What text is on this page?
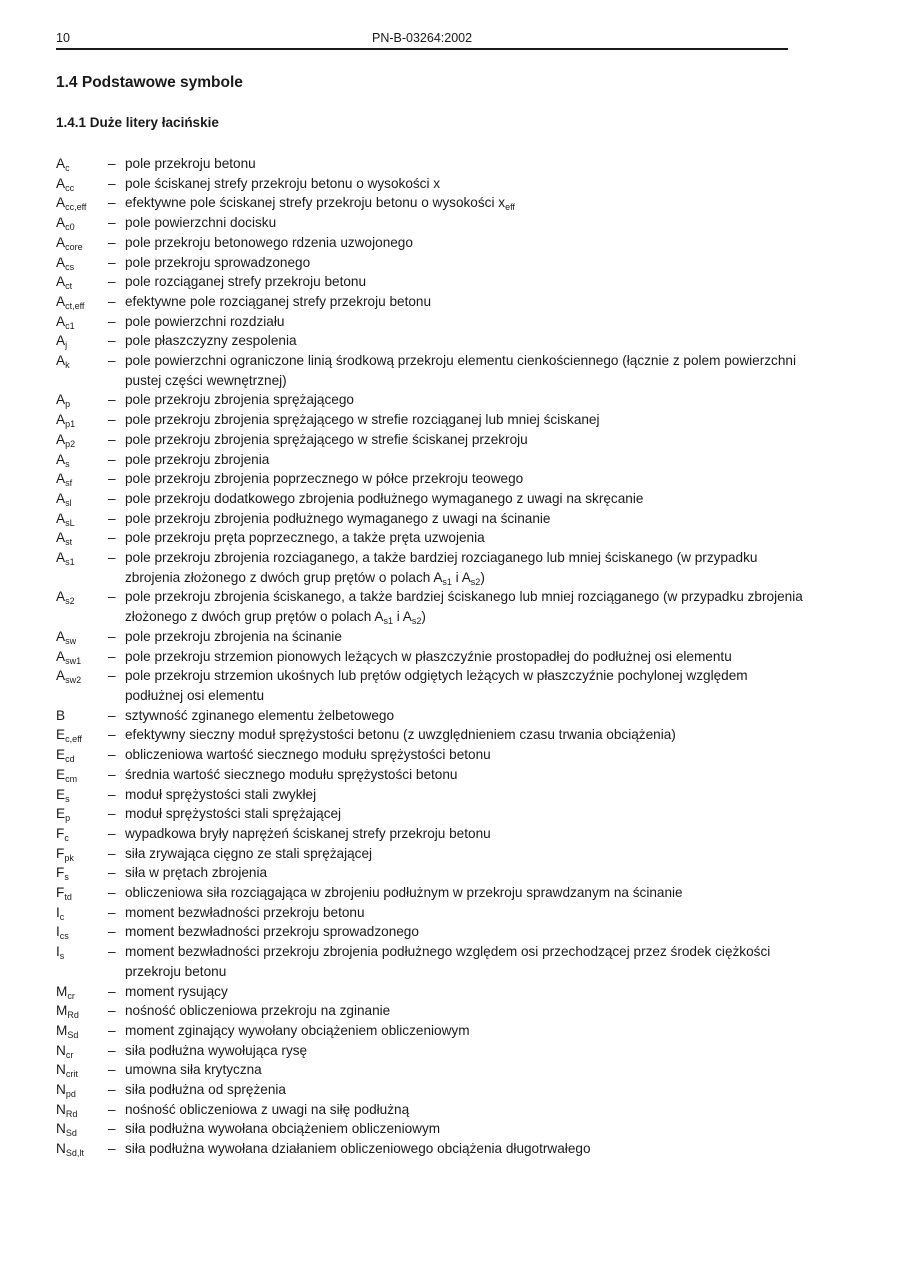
10	PN-B-03264:2002
1.4 Podstawowe symbole
1.4.1 Duże litery łacińskie
$A_c$	– pole przekroju betonu
$A_{cc}$	– pole ściskanej strefy przekroju betonu o wysokości x
$A_{cc,eff}$	– efektywne pole ściskanej strefy przekroju betonu o wysokości $x_{eff}$
$A_{c0}$	– pole powierzchni docisku
$A_{core}$	– pole przekroju betonowego rdzenia uzwojonego
$A_{cs}$	– pole przekroju sprowadzonego
$A_{ct}$	– pole rozciąganej strefy przekroju betonu
$A_{ct,eff}$	– efektywne pole rozciąganej strefy przekroju betonu
$A_{c1}$	– pole powierzchni rozdziału
$A_j$	– pole płaszczyzny zespolenia
$A_k$	– pole powierzchni ograniczone linią środkową przekroju elementu cienkościennego (łącznie z polem powierzchni pustej części wewnętrznej)
$A_p$	– pole przekroju zbrojenia sprężającego
$A_{p1}$	– pole przekroju zbrojenia sprężającego w strefie rozciąganej lub mniej ściskanej
$A_{p2}$	– pole przekroju zbrojenia sprężającego w strefie ściskanej przekroju
$A_s$	– pole przekroju zbrojenia
$A_{sf}$	– pole przekroju zbrojenia poprzecznego w półce przekroju teowego
$A_{sl}$	– pole przekroju dodatkowego zbrojenia podłużnego wymaganego z uwagi na skręcanie
$A_{sL}$	– pole przekroju zbrojenia podłużnego wymaganego z uwagi na ścinanie
$A_{st}$	– pole przekroju pręta poprzecznego, a także pręta uzwojenia
$A_{s1}$	– pole przekroju zbrojenia rozciaganego, a także bardziej rozciaganego lub mniej ściskanego (w przypadku zbrojenia złożonego z dwóch grup prętów o polach $A_{s1}$ i $A_{s2}$)
$A_{s2}$	– pole przekroju zbrojenia ściskanego, a także bardziej ściskanego lub mniej rozciąganego (w przypadku zbrojenia złożonego z dwóch grup prętów o polach $A_{s1}$ i $A_{s2}$)
$A_{sw}$	– pole przekroju zbrojenia na ścinanie
$A_{sw1}$	– pole przekroju strzemion pionowych leżących w płaszczyźnie prostopadłej do podłużnej osi elementu
$A_{sw2}$	– pole przekroju strzemion ukośnych lub prętów odgiętych leżących w płaszczyźnie pochylonej względem podłużnej osi elementu
B	– sztywność zginanego elementu żelbetowego
$E_{c,eff}$	– efektywny sieczny moduł sprężystości betonu (z uwzględnieniem czasu trwania obciążenia)
$E_{cd}$	– obliczeniowa wartość siecznego modułu sprężystości betonu
$E_{cm}$	– średnia wartość siecznego modułu sprężystości betonu
$E_s$	– moduł sprężystości stali zwykłej
$E_p$	– moduł sprężystości stali sprężającej
$F_c$	– wypadkowa bryły naprężeń ściskanej strefy przekroju betonu
$F_{pk}$	– siła zrywająca cięgno ze stali sprężającej
$F_s$	– siła w prętach zbrojenia
$F_{td}$	– obliczeniowa siła rozciągająca w zbrojeniu podłużnym w przekroju sprawdzanym na ścinanie
$I_c$	– moment bezwładności przekroju betonu
$I_{cs}$	– moment bezwładności przekroju sprowadzonego
$I_s$	– moment bezwładności przekroju zbrojenia podłużnego względem osi przechodzącej przez środek ciężkości przekroju betonu
$M_{cr}$	– moment rysujący
$M_{Rd}$	– nośność obliczeniowa przekroju na zginanie
$M_{Sd}$	– moment zginający wywołany obciążeniem obliczeniowym
$N_{cr}$	– siła podłużna wywołująca rysę
$N_{crit}$	– umowna siła krytyczna
$N_{pd}$	– siła podłużna od sprężenia
$N_{Rd}$	– nośność obliczeniowa z uwagi na siłę podłużną
$N_{Sd}$	– siła podłużna wywołana obciążeniem obliczeniowym
$N_{Sd,lt}$	– siła podłużna wywołana działaniem obliczeniowego obciążenia długotrwałego
